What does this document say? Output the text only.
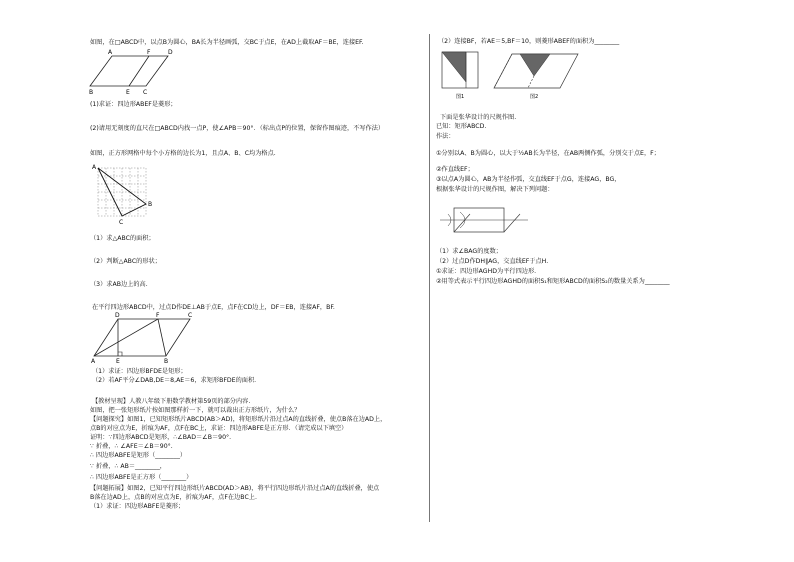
如图，在□ABCD中，以点B为圆心，BA长为半径画弧，交BC于点E，在AD上截取AF＝BE，连接EF.
A	F	D
B	E C
(1)求证：四边形ABEF是菱形；
(2)请用无刻度的直尺在□ABCD内找一点P，使∠APB＝90°．（标出点P的位置，保留作图痕迹，不写作法）
如图，正方形网格中每个小方格的边长为1，且点A、B、C均为格点.
A
B
C
（1）求△ABC的面积；
（2）判断△ABC的形状；
（3）求AB边上的高.
在平行四边形ABCD中，过点D作DE⊥AB于点E，点F在CD边上，DF＝EB，连接AF，BF.
D	F	C
A	E	B
（1）求证：四边形BFDE是矩形；
（2）若AF平分∠DAB,DE＝8,AE＝6，求矩形BFDE的面积.
【教材呈现】人教八年级下册数学教材第59页的部分内容.
如图，把一张矩形纸片按如图那样折一下，就可以裁出正方形纸片，为什么？
【问题探究】如图1，已知矩形纸片ABCD(AB＞AD)，将矩形纸片沿过点A的直线折叠，使点B落在边AD上，
点B的对应点为E，折痕为AF，点F在BC上，求证：四边形ABFE是正方形．（请完成以下填空）
证明：∵四边形ABCD是矩形，∴∠BAD＝∠B＝90°.
∵ 折叠，∴ ∠AFE＝∠B＝90°.
∴ 四边形ABFE是矩形（________）
∵ 折叠，∴ AB＝________，
∴ 四边形ABFE是正方形（________）
【问题拓展】如图2，已知平行四边形纸片ABCD(AD＞AB)，将平行四边形纸片沿过点A的直线折叠，使点
B落在边AD上，点B的对应点为E，折痕为AF，点F在边BC上.
（1）求证：四边形ABFE是菱形；
（2）连接BF，若AE＝5,BF＝10，则菱形ABEF的面积为________
图1	图2
下面是张华设计的尺规作图.
已知：矩形ABCD.
作法：
①分别以A、B为圆心，以大于½AB长为半径，在AB两侧作弧，分别交于点E，F；
②作直线EF；
③以点A为圆心，AB为半径作弧，交直线EF于点G，连接AG，BG，
根据张华设计的尺规作图，解决下列问题：
（1）求∠BAG的度数；
（2）过点D作DH∥AG，交直线EF于点H.
①求证：四边形AGHD为平行四边形.
②用等式表示平行四边形AGHD的面积S₁和矩形ABCD的面积S₂的数量关系为________
